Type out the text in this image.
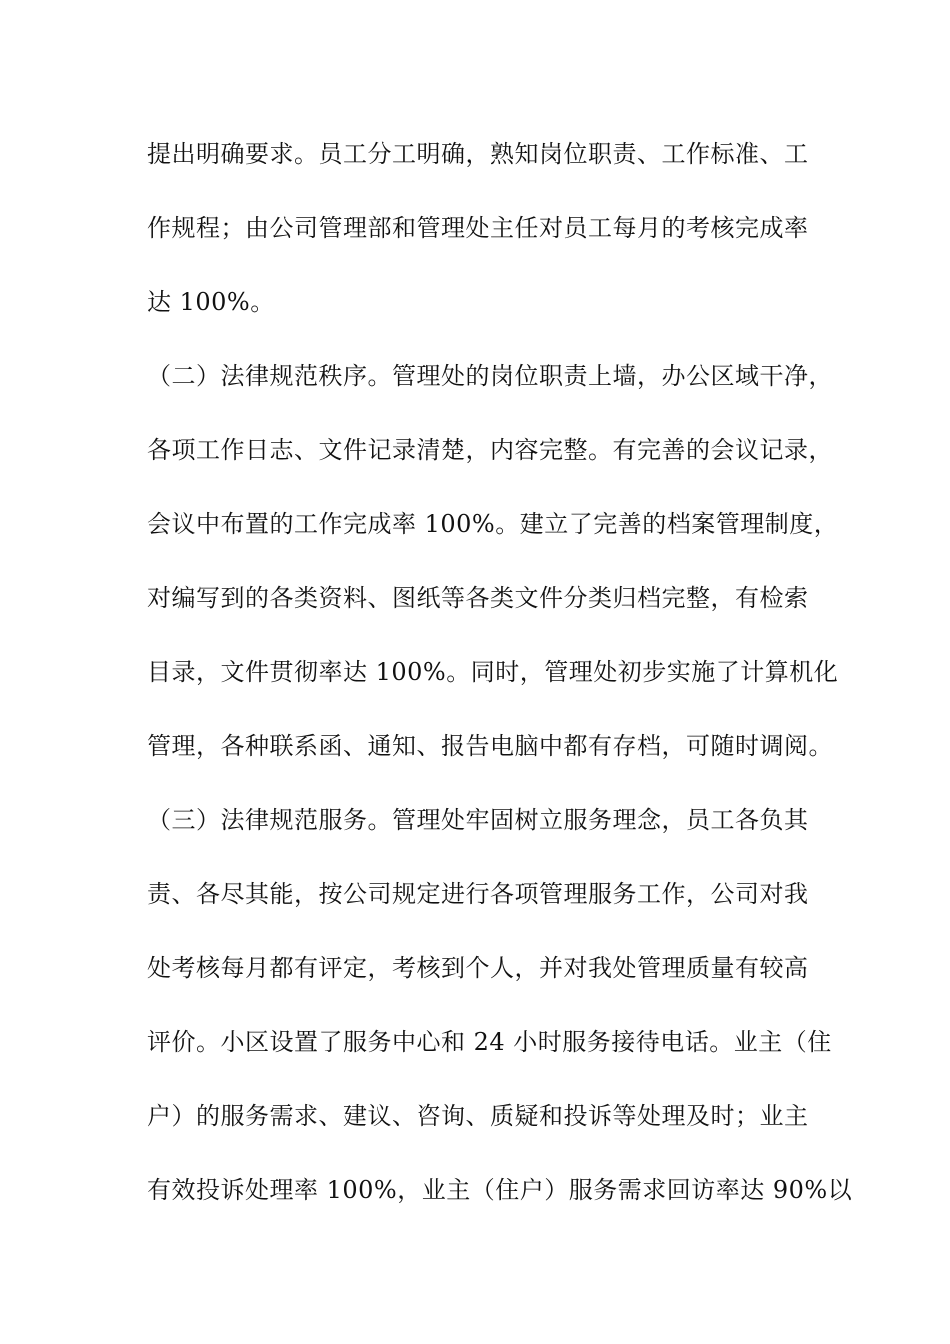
提出明确要求。员工分工明确，熟知岗位职责、工作标准、工
作规程；由公司管理部和管理处主任对员工每月的考核完成率
达 100%。
（二）法律规范秩序。管理处的岗位职责上墙，办公区域干净，
各项工作日志、文件记录清楚，内容完整。有完善的会议记录，
会议中布置的工作完成率 100%。建立了完善的档案管理制度，
对编写到的各类资料、图纸等各类文件分类归档完整，有检索
目录，文件贯彻率达 100%。同时，管理处初步实施了计算机化
管理，各种联系函、通知、报告电脑中都有存档，可随时调阅。
（三）法律规范服务。管理处牢固树立服务理念，员工各负其
责、各尽其能，按公司规定进行各项管理服务工作，公司对我
处考核每月都有评定，考核到个人，并对我处管理质量有较高
评价。小区设置了服务中心和 24 小时服务接待电话。业主（住
户）的服务需求、建议、咨询、质疑和投诉等处理及时；业主
有效投诉处理率 100%，业主（住户）服务需求回访率达 90%以
